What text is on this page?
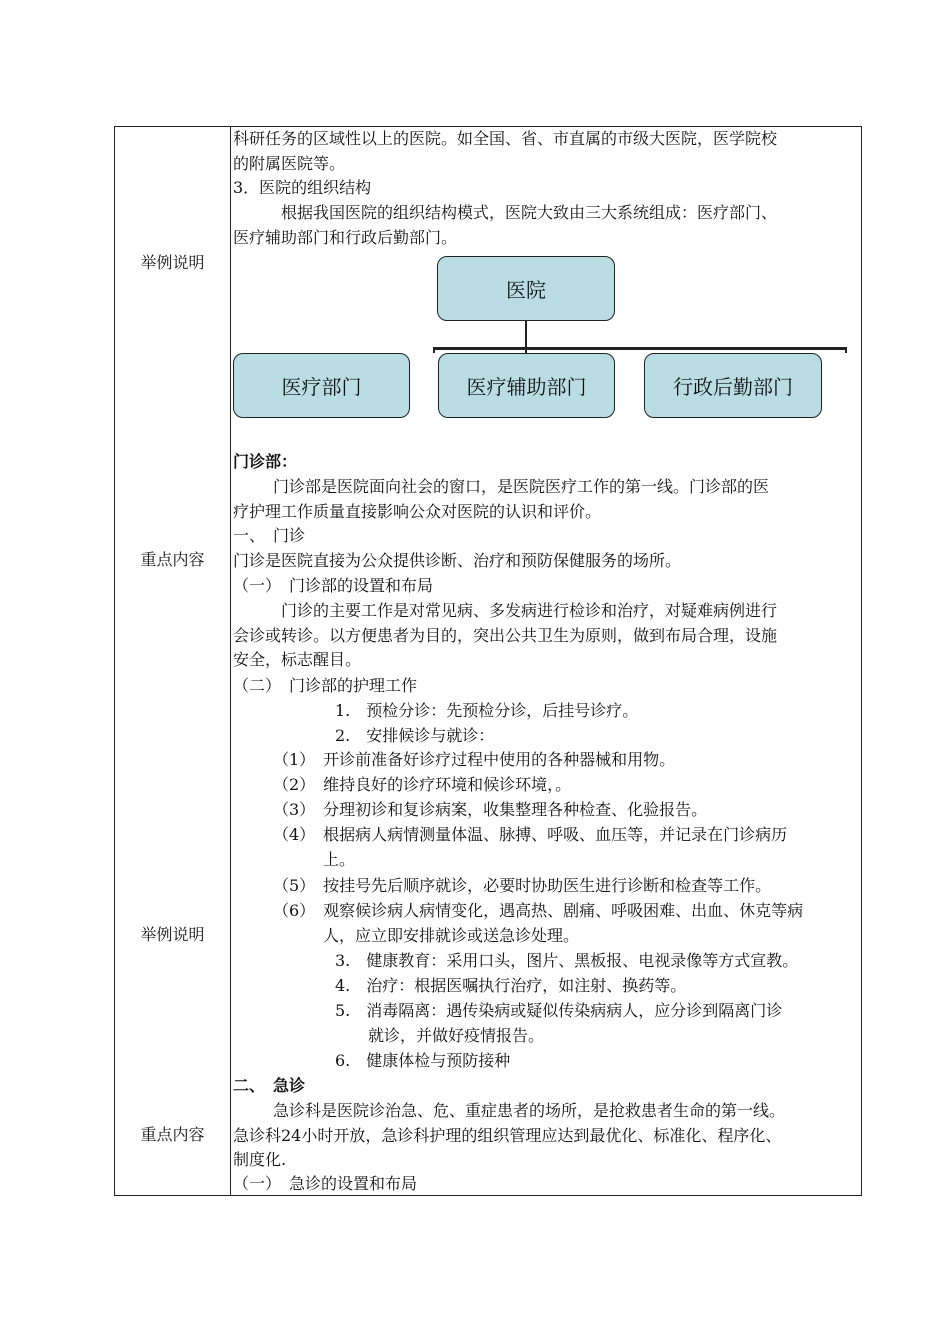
举例说明
重点内容
举例说明
重点内容
科研任务的区域性以上的医院。如全国、省、市直属的市级大医院，医学院校
的附属医院等。
3．医院的组织结构
根据我国医院的组织结构模式，医院大致由三大系统组成：医疗部门、
医疗辅助部门和行政后勤部门。
医院
医疗部门	医疗辅助部门	行政后勤部门
门诊部：
门诊部是医院面向社会的窗口，是医院医疗工作的第一线。门诊部的医
疗护理工作质量直接影响公众对医院的认识和评价。
一、　门诊
门诊是医院直接为公众提供诊断、治疗和预防保健服务的场所。
（一）　门诊部的设置和布局
门诊的主要工作是对常见病、多发病进行检诊和治疗，对疑难病例进行
会诊或转诊。以方便患者为目的，突出公共卫生为原则，做到布局合理，设施
安全，标志醒目。
（二）　门诊部的护理工作
1.　预检分诊：先预检分诊，后挂号诊疗。
2.　安排候诊与就诊：
（1）　开诊前准备好诊疗过程中使用的各种器械和用物。
（2）　维持良好的诊疗环境和候诊环境，。
（3）　分理初诊和复诊病案，收集整理各种检查、化验报告。
（4）　根据病人病情测量体温、脉搏、呼吸、血压等，并记录在门诊病历
上。
（5）　按挂号先后顺序就诊，必要时协助医生进行诊断和检查等工作。
（6）　观察候诊病人病情变化，遇高热、剧痛、呼吸困难、出血、休克等病
人，应立即安排就诊或送急诊处理。
3.　健康教育：采用口头，图片、黑板报、电视录像等方式宣教。
4.　治疗：根据医嘱执行治疗，如注射、换药等。
5.　消毒隔离：遇传染病或疑似传染病病人，应分诊到隔离门诊
就诊，并做好疫情报告。
6.　健康体检与预防接种
二、　急诊
急诊科是医院诊治急、危、重症患者的场所，是抢救患者生命的第一线。
急诊科24小时开放，急诊科护理的组织管理应达到最优化、标准化、程序化、
制度化.
（一）　急诊的设置和布局
